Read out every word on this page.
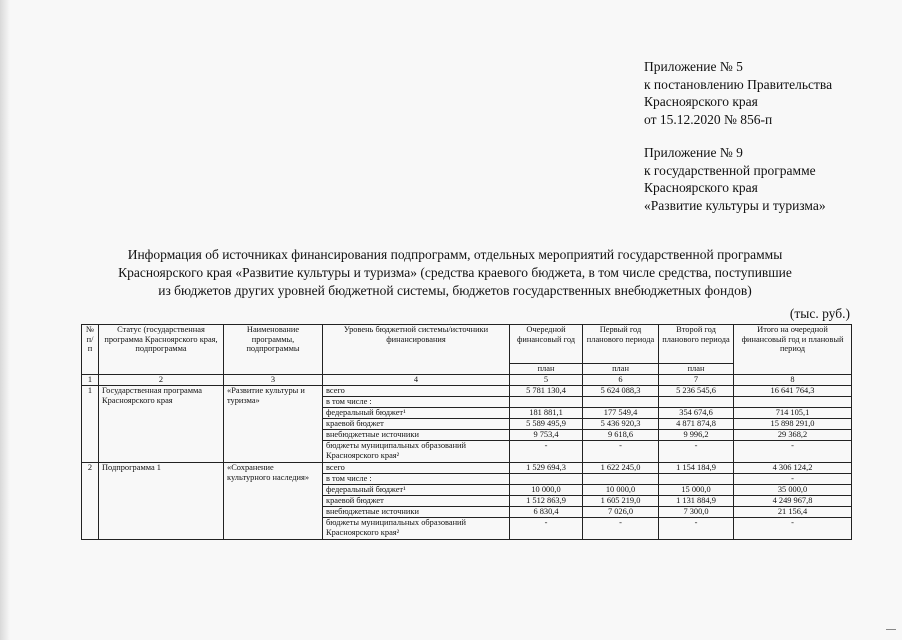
Приложение № 5
к постановлению Правительства
Красноярского края
от 15.12.2020 № 856-п
Приложение № 9
к государственной программе
Красноярского края
«Развитие культуры и туризма»
Информация об источниках финансирования подпрограмм, отдельных мероприятий государственной программы
Красноярского края «Развитие культуры и туризма» (средства краевого бюджета, в том числе средства, поступившие
из бюджетов других уровней бюджетной системы, бюджетов государственных внебюджетных фондов)
(тыс. руб.)
№ п/п	Статус (государственная программа Красноярского края, подпрограмма	Наименование программы, подпрограммы	Уровень бюджетной системы/источники финансирования	Очередной финансовый год	Первый год планового периода	Второй год планового периода	Итого на очередной финансовый год и плановый период
				план	план	план	
1	2	3	4	5	6	7	8
1	Государственная программа Красноярского края	«Развитие культуры и туризма»	всего	5 781 130,4	5 624 088,3	5 236 545,6	16 641 764,3
			в том числе :				
			федеральный бюджет¹	181 881,1	177 549,4	354 674,6	714 105,1
			краевой бюджет	5 589 495,9	5 436 920,3	4 871 874,8	15 898 291,0
			внебюджетные источники	9 753,4	9 618,6	9 996,2	29 368,2
			бюджеты муниципальных образований Красноярского края²	-	-	-	-
2	Подпрограмма 1	«Сохранение культурного наследия»	всего	1 529 694,3	1 622 245,0	1 154 184,9	4 306 124,2
			в том числе :				-
			федеральный бюджет¹	10 000,0	10 000,0	15 000,0	35 000,0
			краевой бюджет	1 512 863,9	1 605 219,0	1 131 884,9	4 249 967,8
			внебюджетные источники	6 830,4	7 026,0	7 300,0	21 156,4
			бюджеты муниципальных образований Красноярского края²	-	-	-	-
